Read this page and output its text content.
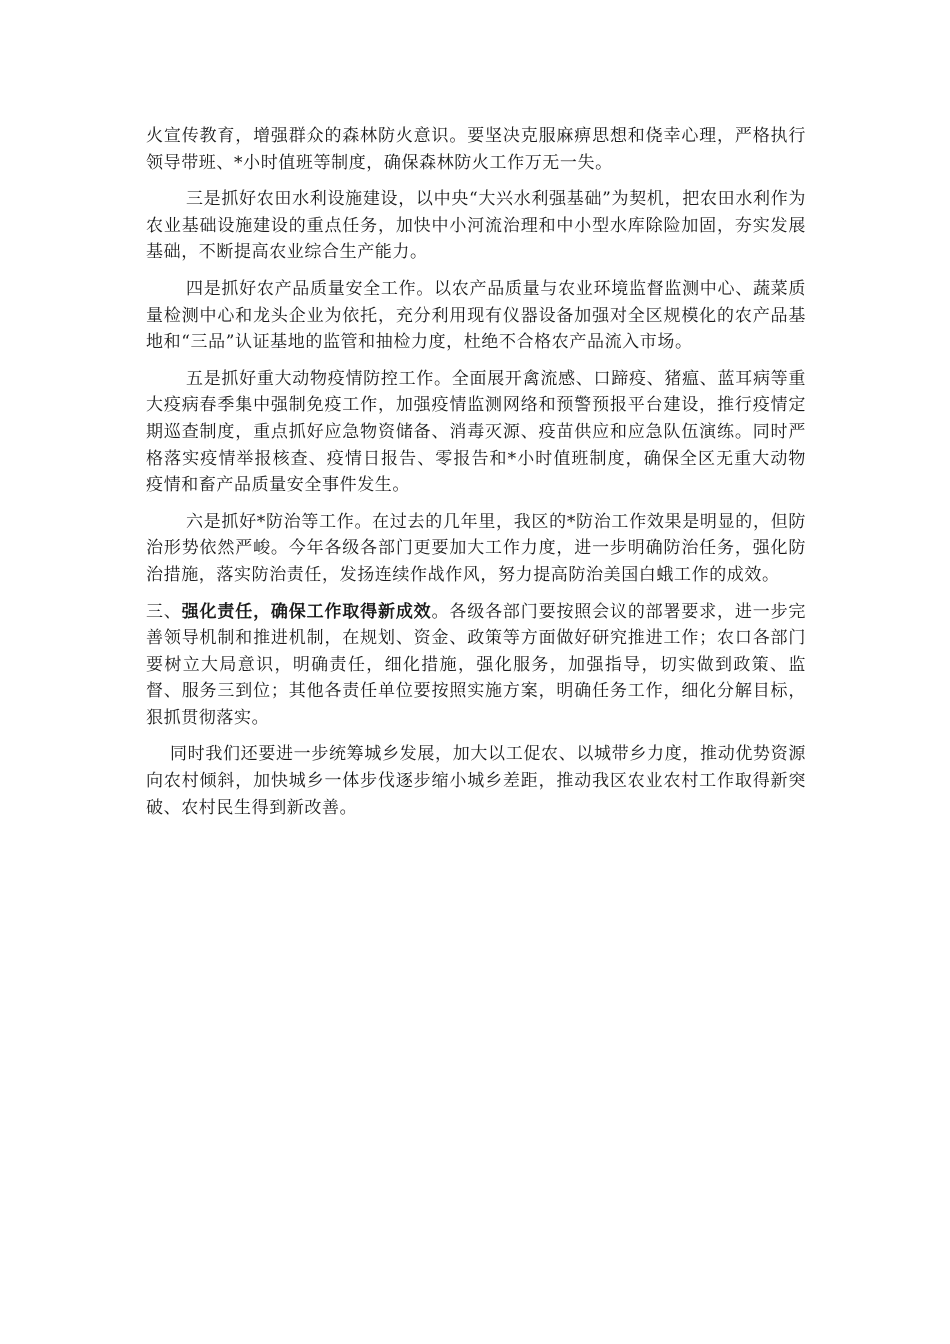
火宣传教育，增强群众的森林防火意识。要坚决克服麻痹思想和侥幸心理，严格执行领导带班、*小时值班等制度，确保森林防火工作万无一失。

三是抓好农田水利设施建设，以中央“大兴水利强基础”为契机，把农田水利作为农业基础设施建设的重点任务，加快中小河流治理和中小型水库除险加固，夯实发展基础，不断提高农业综合生产能力。

四是抓好农产品质量安全工作。以农产品质量与农业环境监督监测中心、蔬菜质量检测中心和龙头企业为依托，充分利用现有仪器设备加强对全区规模化的农产品基地和“三品”认证基地的监管和抽检力度，杜绝不合格农产品流入市场。

五是抓好重大动物疫情防控工作。全面展开禽流感、口蹄疫、猪瘟、蓝耳病等重大疫病春季集中强制免疫工作，加强疫情监测网络和预警预报平台建设，推行疫情定期巡查制度，重点抓好应急物资储备、消毒灭源、疫苗供应和应急队伍演练。同时严格落实疫情举报核查、疫情日报告、零报告和*小时值班制度，确保全区无重大动物疫情和畜产品质量安全事件发生。

六是抓好*防治等工作。在过去的几年里，我区的*防治工作效果是明显的，但防治形势依然严峻。今年各级各部门更要加大工作力度，进一步明确防治任务，强化防治措施，落实防治责任，发扬连续作战作风，努力提高防治美国白蛾工作的成效。

三、强化责任，确保工作取得新成效。各级各部门要按照会议的部署要求，进一步完善领导机制和推进机制，在规划、资金、政策等方面做好研究推进工作；农口各部门要树立大局意识，明确责任，细化措施，强化服务，加强指导，切实做到政策、监督、服务三到位；其他各责任单位要按照实施方案，明确任务工作，细化分解目标，狠抓贯彻落实。

同时我们还要进一步统筹城乡发展，加大以工促农、以城带乡力度，推动优势资源向农村倾斜，加快城乡一体步伐逐步缩小城乡差距，推动我区农业农村工作取得新突破、农村民生得到新改善。
